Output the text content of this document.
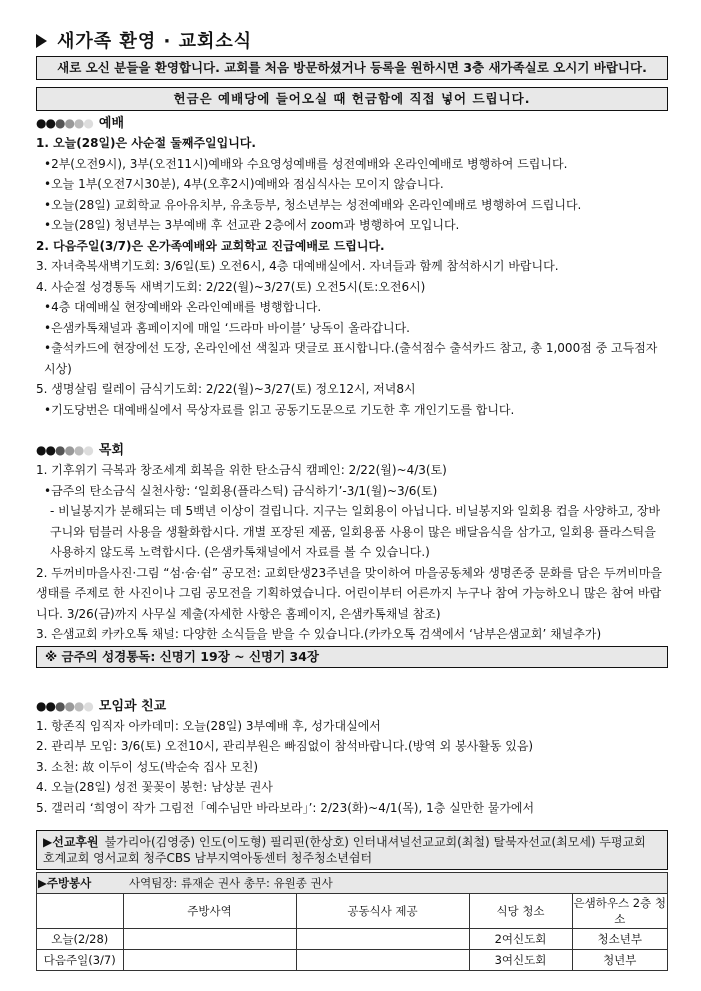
새가족 환영 · 교회소식
새로 오신 분들을 환영합니다. 교회를 처음 방문하셨거나 등록을 원하시면 3층 새가족실로 오시기 바랍니다.
헌금은 예배당에 들어오실 때 헌금함에 직접 넣어 드립니다.
●●●●●● 예배
1. 오늘(28일)은 사순절 둘째주일입니다.
•2부(오전9시), 3부(오전11시)예배와 수요영성예배를 성전예배와 온라인예배로 병행하여 드립니다.
•오늘 1부(오전7시30분), 4부(오후2시)예배와 점심식사는 모이지 않습니다.
•오늘(28일) 교회학교 유아유치부, 유초등부, 청소년부는 성전예배와 온라인예배로 병행하여 드립니다.
•오늘(28일) 청년부는 3부예배 후 선교관 2층에서 zoom과 병행하여 모입니다.
2. 다음주일(3/7)은 온가족예배와 교회학교 진급예배로 드립니다.
3. 자녀축복새벽기도회: 3/6일(토) 오전6시, 4층 대예배실에서. 자녀들과 함께 참석하시기 바랍니다.
4. 사순절 성경통독 새벽기도회: 2/22(월)~3/27(토) 오전5시(토:오전6시)
•4층 대예배실 현장예배와 온라인예배를 병행합니다.
•은샘카톡채널과 홈페이지에 매일 ‘드라마 바이블’ 낭독이 올라갑니다.
•출석카드에 현장에선 도장, 온라인에선 색칠과 댓글로 표시합니다.(출석점수 출석카드 참고, 총 1,000점 중 고득점자 시상)
5. 생명살림 릴레이 금식기도회: 2/22(월)~3/27(토) 정오12시, 저녁8시
•기도당번은 대예배실에서 묵상자료를 읽고 공동기도문으로 기도한 후 개인기도를 합니다.
●●●●●● 목회
1. 기후위기 극복과 창조세계 회복을 위한 탄소금식 캠페인: 2/22(월)~4/3(토)
•금주의 탄소금식 실천사항: ‘일회용(플라스틱) 금식하기’-3/1(월)~3/6(토)
- 비닐봉지가 분해되는 데 5백년 이상이 걸립니다. 지구는 일회용이 아닙니다. 비닐봉지와 일회용 컵을 사양하고, 장바구니와 텀블러 사용을 생활화합시다. 개별 포장된 제품, 일회용품 사용이 많은 배달음식을 삼가고, 일회용 플라스틱을 사용하지 않도록 노력합시다. (은샘카톡채널에서 자료를 볼 수 있습니다.)
2. 두꺼비마을사진·그림 “섬·숨·쉼” 공모전: 교회탄생23주년을 맞이하여 마을공동체와 생명존중 문화를 담은 두꺼비마을 생태를 주제로 한 사진이나 그림 공모전을 기획하였습니다. 어린이부터 어른까지 누구나 참여 가능하오니 많은 참여 바랍니다. 3/26(금)까지 사무실 제출(자세한 사항은 홈페이지, 은샘카톡채널 참조)
3. 은샘교회 카카오톡 채널: 다양한 소식들을 받을 수 있습니다.(카카오톡 검색에서 ‘남부은샘교회’ 채널추가)
※ 금주의 성경통독: 신명기 19장 ~ 신명기 34장
●●●●●● 모임과 친교
1. 항존직 임직자 아카데미: 오늘(28일) 3부예배 후, 성가대실에서
2. 관리부 모임: 3/6(토) 오전10시, 관리부원은 빠짐없이 참석바랍니다.(방역 외 봉사활동 있음)
3. 소천: 故 이두이 성도(박순숙 집사 모친)
4. 오늘(28일) 성전 꽃꽂이 봉헌: 남상분 권사
5. 갤러리 ‘희영이 작가 그림전「예수님만 바라보라」’: 2/23(화)~4/1(목), 1층 실만한 물가에서
▶선교후원 불가리아(김영중) 인도(이도형) 필리핀(한상호) 인터내셔널선교교회(최철) 탈북자선교(최모세) 두평교회 호계교회 영서교회 청주CBS 남부지역아동센터 청주청소년쉼터
▶주방봉사	사역팀장: 류재순 권사 총무: 유원종 권사			
	주방사역	공동식사 제공	식당 청소	은샘하우스 2층 청소
오늘(2/28)			2여신도회	청소년부
다음주일(3/7)			3여신도회	청년부
